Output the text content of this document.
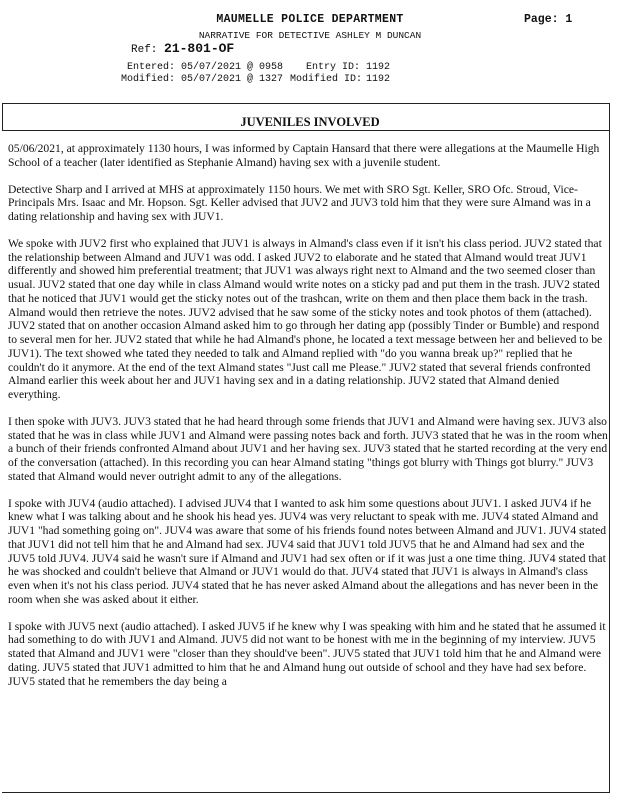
MAUMELLE POLICE DEPARTMENT	Page: 1
NARRATIVE FOR DETECTIVE ASHLEY M DUNCAN
Ref: 21-801-OF
Entered: 05/07/2021 @ 0958	Entry ID: 1192
Modified: 05/07/2021 @ 1327 Modified ID: 1192
JUVENILES INVOLVED

05/06/2021, at approximately 1130 hours, I was informed by Captain Hansard that there were allegations at the Maumelle High School of a teacher (later identified as Stephanie Almand) having sex with a juvenile student.

Detective Sharp and I arrived at MHS at approximately 1150 hours. We met with SRO Sgt. Keller, SRO Ofc. Stroud, Vice-Principals Mrs. Isaac and Mr. Hopson. Sgt. Keller advised that JUV2 and JUV3 told him that they were sure Almand was in a dating relationship and having sex with JUV1.

We spoke with JUV2 first who explained that JUV1 is always in Almand's class even if it isn't his class period. JUV2 stated that the relationship between Almand and JUV1 was odd. I asked JUV2 to elaborate and he stated that Almand would treat JUV1 differently and showed him preferential treatment; that JUV1 was always right next to Almand and the two seemed closer than usual. JUV2 stated that one day while in class Almand would write notes on a sticky pad and put them in the trash. JUV2 stated that he noticed that JUV1 would get the sticky notes out of the trashcan, write on them and then place them back in the trash. Almand would then retrieve the notes. JUV2 advised that he saw some of the sticky notes and took photos of them (attached). JUV2 stated that on another occasion Almand asked him to go through her dating app (possibly Tinder or Bumble) and respond to several men for her. JUV2 stated that while he had Almand's phone, he located a text message between her and believed to be JUV1). The text showed whe tated they needed to talk and Almand replied with "do you wanna break up?" replied that he couldn't do it anymore. At the end of the text Almand states "Just call me Please." JUV2 stated that several friends confronted Almand earlier this week about her and JUV1 having sex and in a dating relationship. JUV2 stated that Almand denied everything.

I then spoke with JUV3. JUV3 stated that he had heard through some friends that JUV1 and Almand were having sex. JUV3 also stated that he was in class while JUV1 and Almand were passing notes back and forth. JUV3 stated that he was in the room when a bunch of their friends confronted Almand about JUV1 and her having sex. JUV3 stated that he started recording at the very end of the conversation (attached). In this recording you can hear Almand stating "things got blurry with Things got blurry." JUV3 stated that Almand would never outright admit to any of the allegations.

I spoke with JUV4 (audio attached). I advised JUV4 that I wanted to ask him some questions about JUV1. I asked JUV4 if he knew what I was talking about and he shook his head yes. JUV4 was very reluctant to speak with me. JUV4 stated Almand and JUV1 "had something going on". JUV4 was aware that some of his friends found notes between Almand and JUV1. JUV4 stated that JUV1 did not tell him that he and Almand had sex. JUV4 said that JUV1 told JUV5 that he and Almand had sex and the JUV5 told JUV4. JUV4 said he wasn't sure if Almand and JUV1 had sex often or if it was just a one time thing. JUV4 stated that he was shocked and couldn't believe that Almand or JUV1 would do that. JUV4 stated that JUV1 is always in Almand's class even when it's not his class period. JUV4 stated that he has never asked Almand about the allegations and has never been in the room when she was asked about it either.

I spoke with JUV5 next (audio attached). I asked JUV5 if he knew why I was speaking with him and he stated that he assumed it had something to do with JUV1 and Almand. JUV5 did not want to be honest with me in the beginning of my interview. JUV5 stated that Almand and JUV1 were "closer than they should've been". JUV5 stated that JUV1 told him that he and Almand were dating. JUV5 stated that JUV1 admitted to him that he and Almand hung out outside of school and they have had sex before. JUV5 stated that he remembers the day being a
